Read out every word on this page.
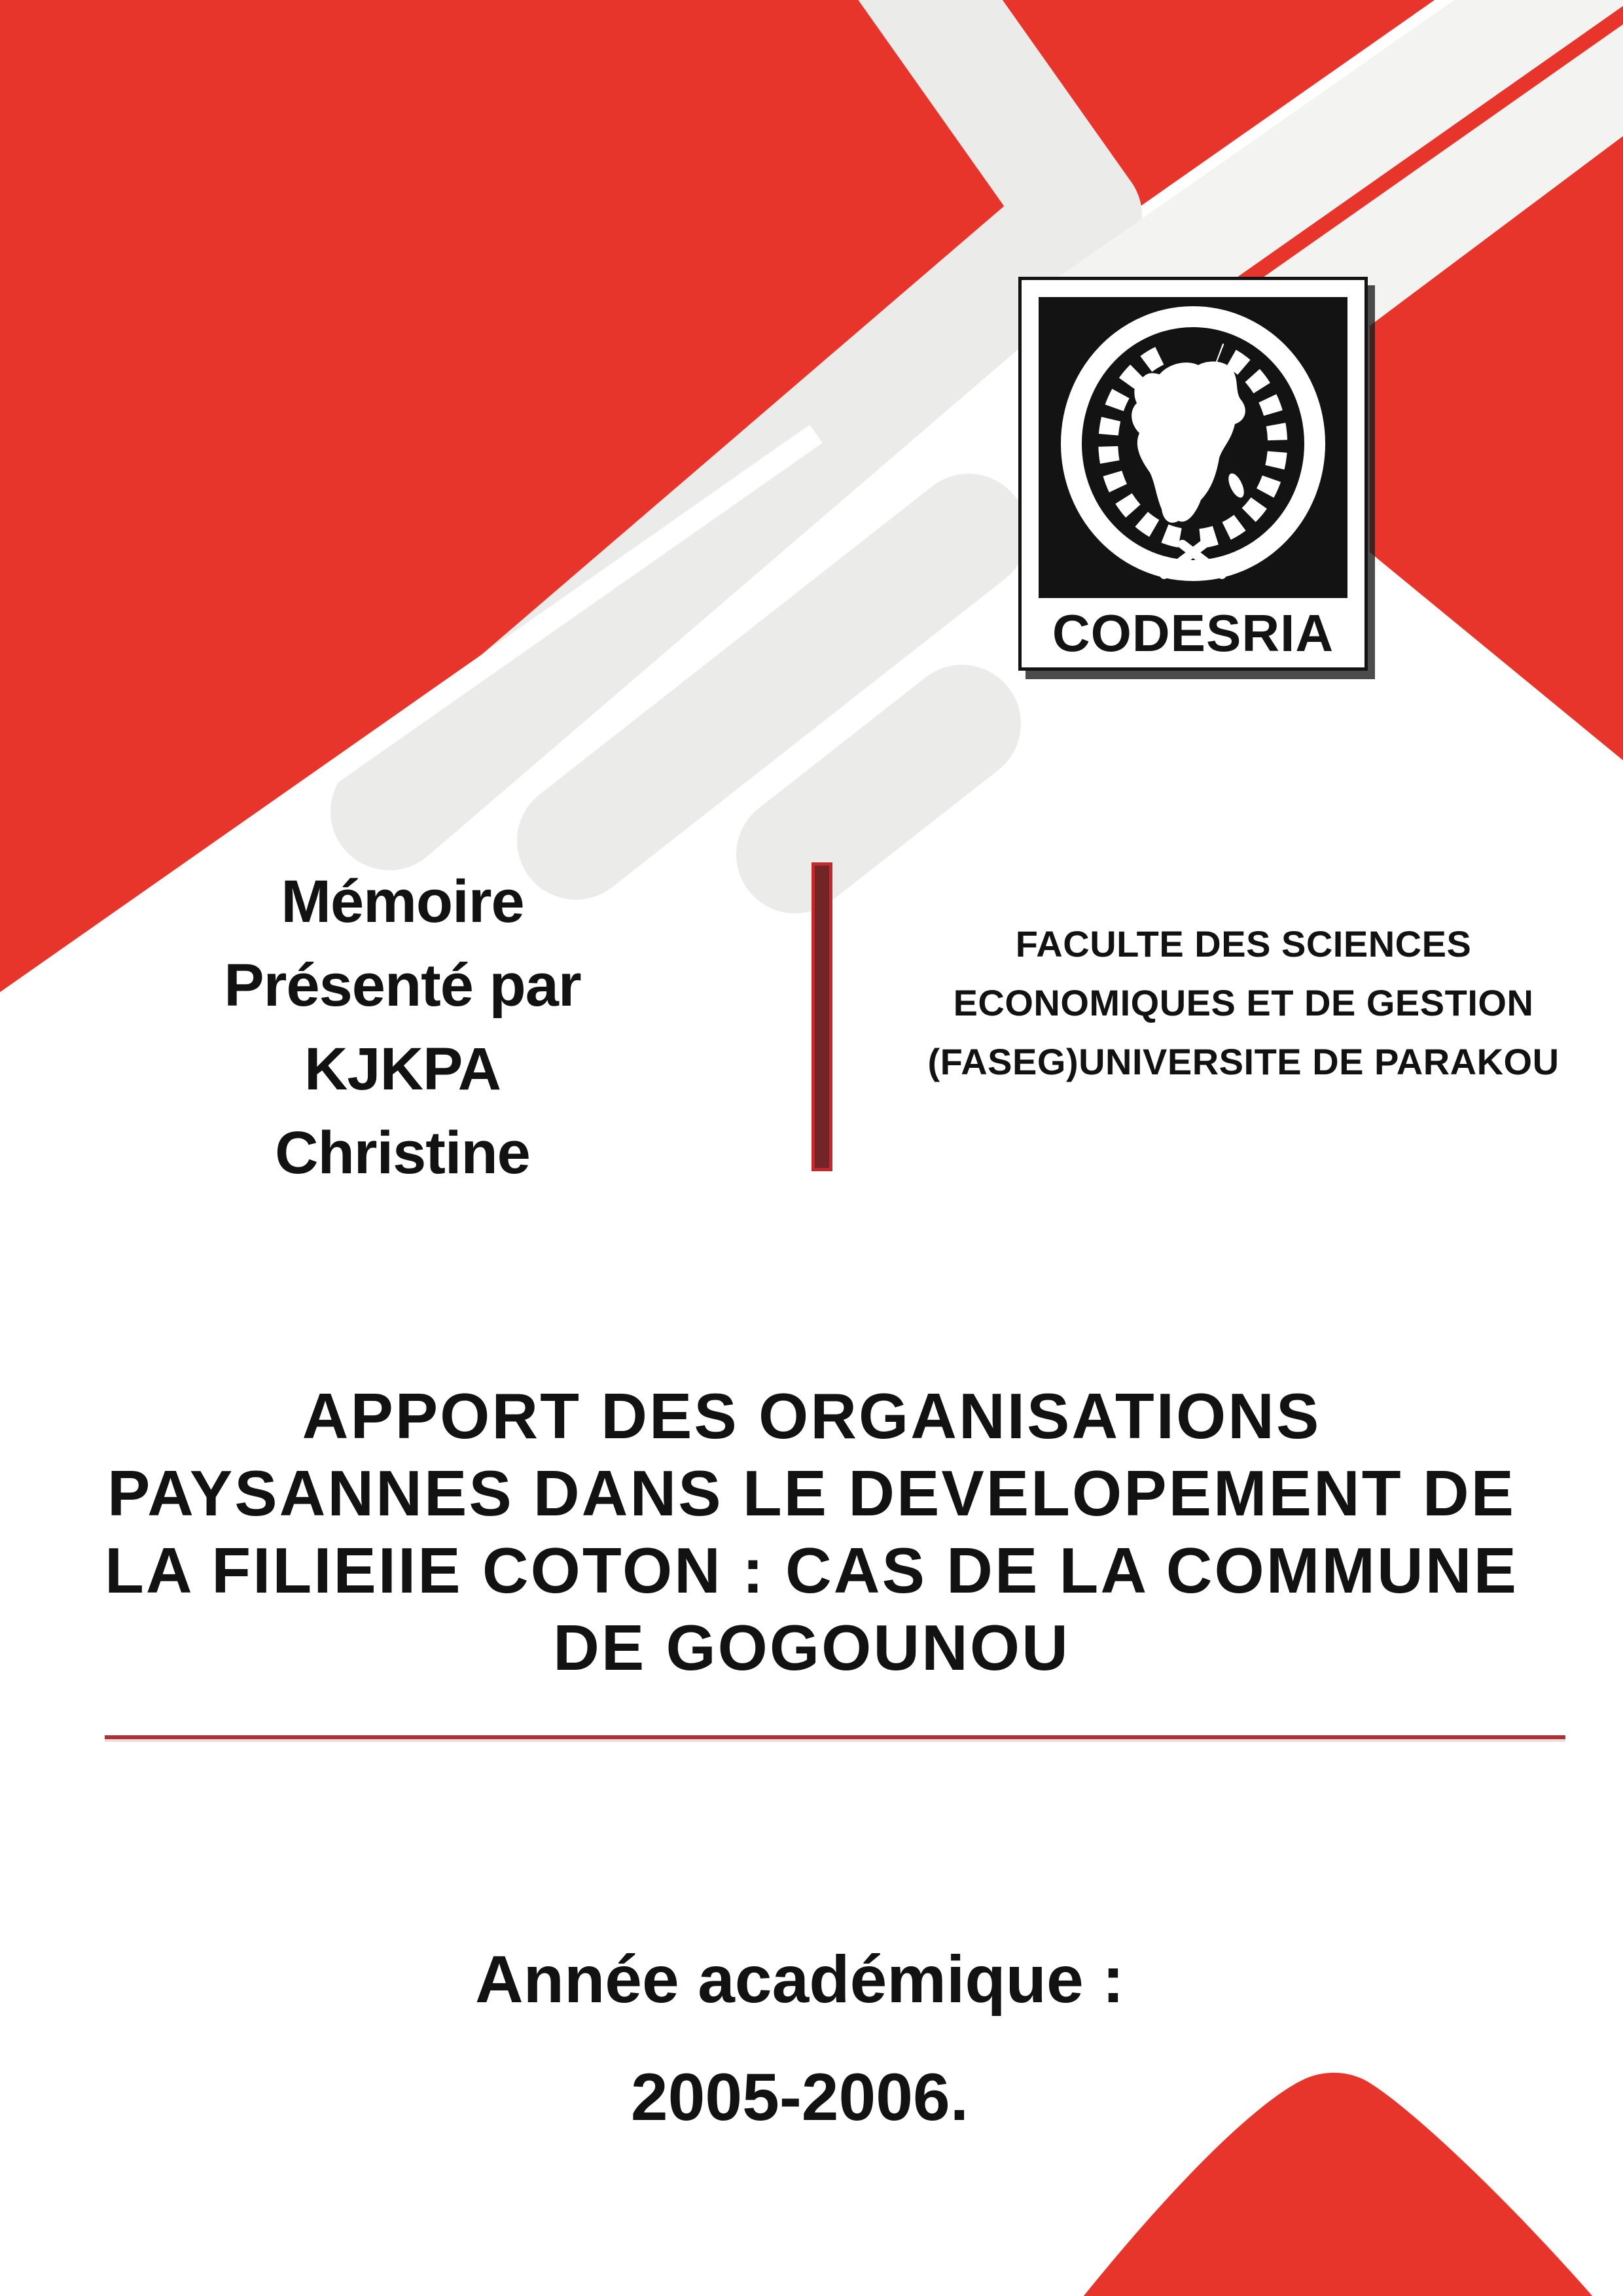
CODESRIA
Mémoire
Présenté par
KJKPA
Christine
FACULTE DES SCIENCES
ECONOMIQUES ET DE GESTION
(FASEG)UNIVERSITE DE PARAKOU
APPORT DES ORGANISATIONS
PAYSANNES DANS LE DEVELOPEMENT DE
LA FILIEIIE COTON : CAS DE LA COMMUNE
DE GOGOUNOU
Année académique :
2005-2006.
